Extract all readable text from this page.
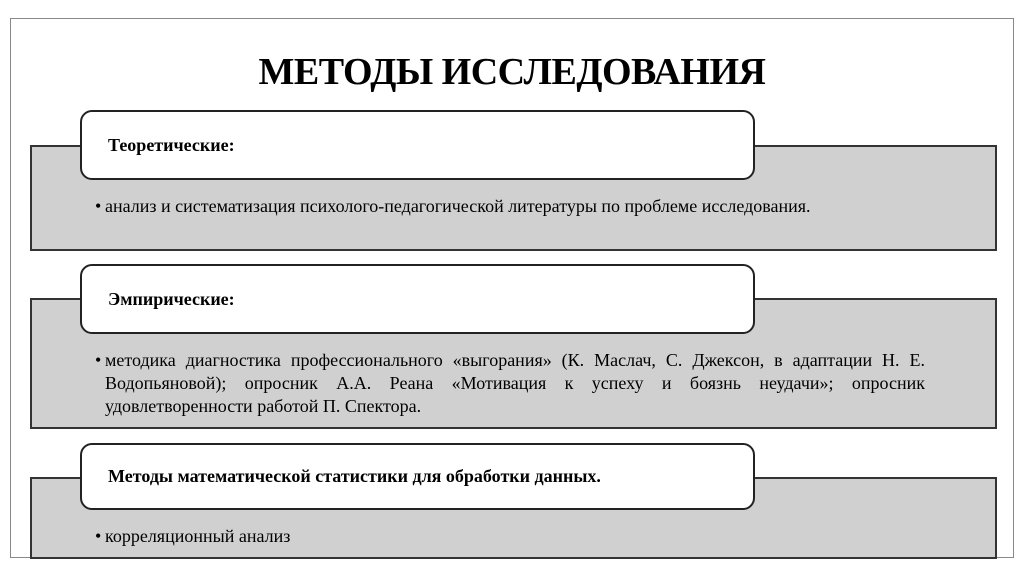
МЕТОДЫ ИССЛЕДОВАНИЯ
Теоретические:
• анализ и систематизация психолого-педагогической литературы по проблеме исследования.
Эмпирические:
• методика диагностика профессионального «выгорания» (К. Маслач, С. Джексон, в адаптации Н. Е. Водопьяновой); опросник А.А. Реана «Мотивация к успеху и боязнь неудачи»; опросник удовлетворенности работой П. Спектора.
Методы математической статистики для обработки данных.
• корреляционный анализ
